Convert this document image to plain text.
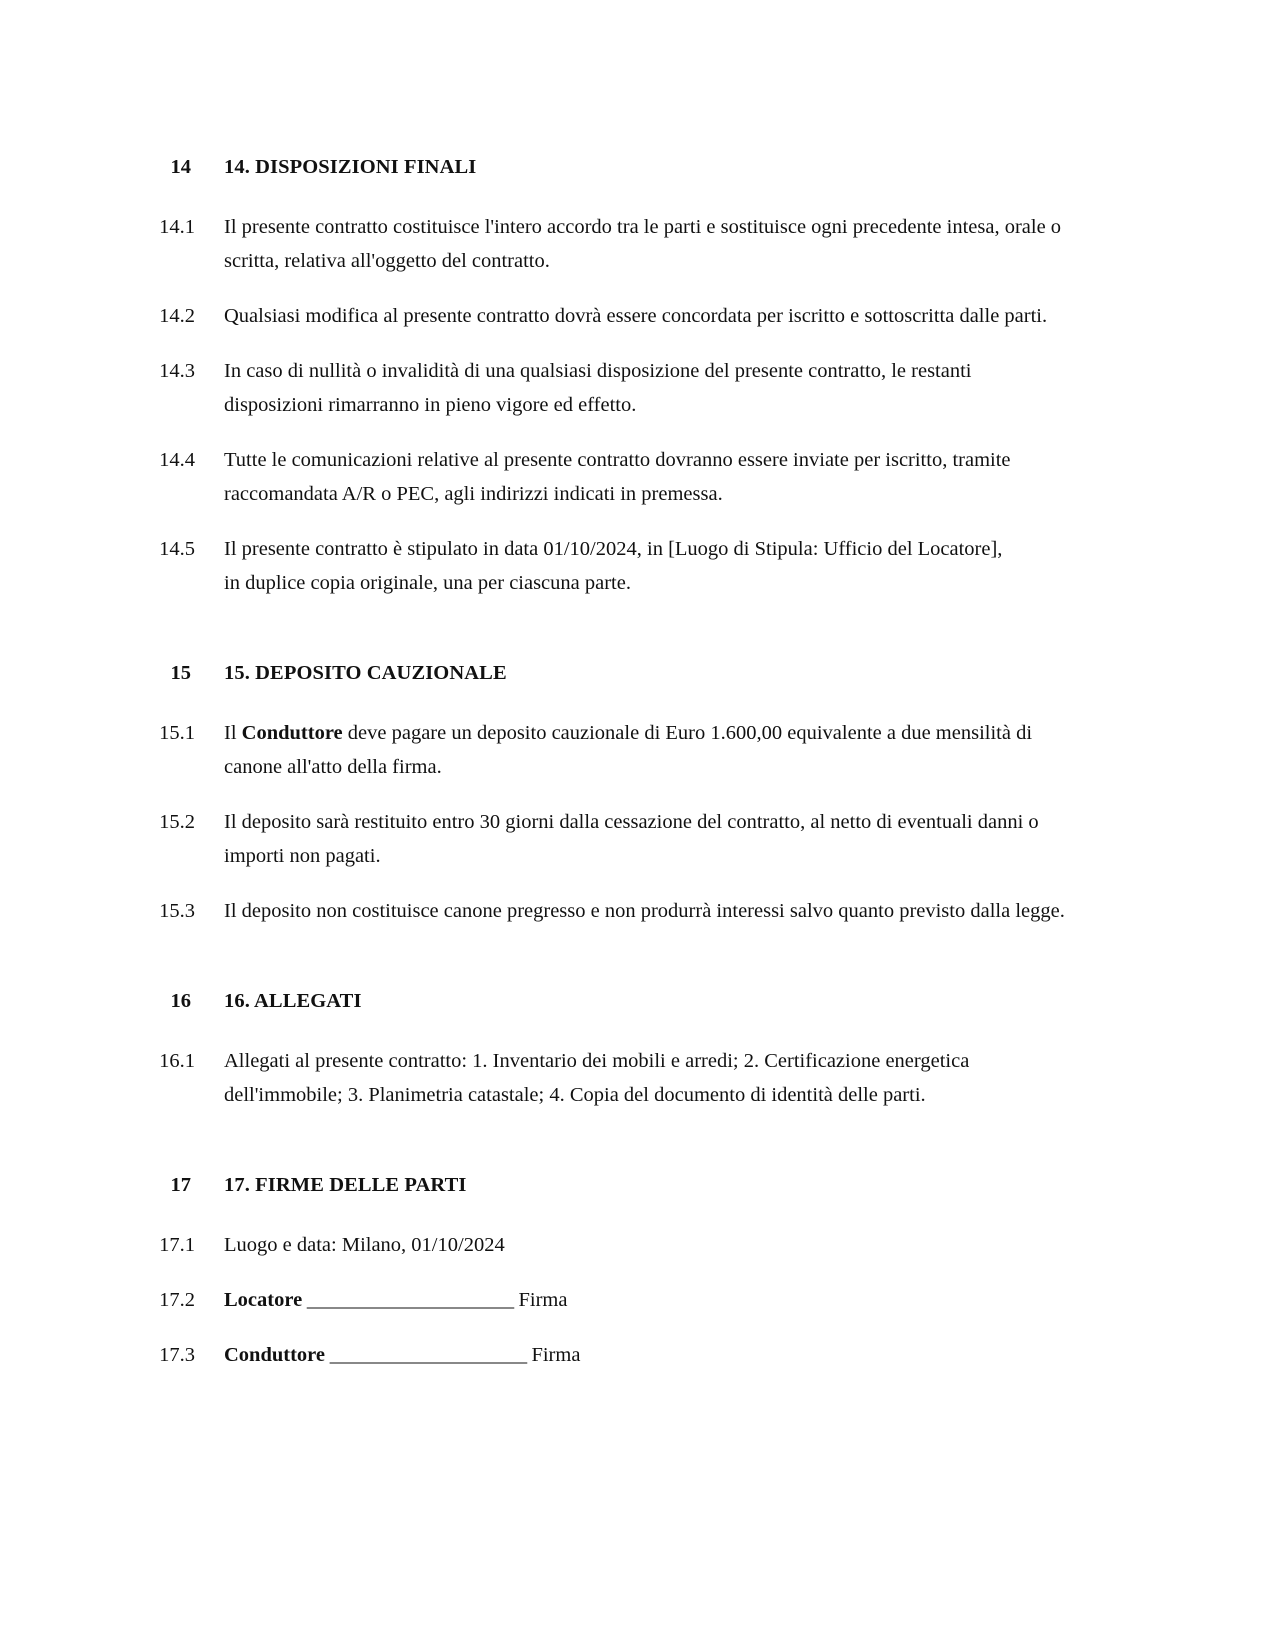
14	14. DISPOSIZIONI FINALI
14.1	Il presente contratto costituisce l'intero accordo tra le parti e sostituisce ogni precedente intesa, orale o scritta, relativa all'oggetto del contratto.
14.2	Qualsiasi modifica al presente contratto dovrà essere concordata per iscritto e sottoscritta dalle parti.
14.3	In caso di nullità o invalidità di una qualsiasi disposizione del presente contratto, le restanti disposizioni rimarranno in pieno vigore ed effetto.
14.4	Tutte le comunicazioni relative al presente contratto dovranno essere inviate per iscritto, tramite raccomandata A/R o PEC, agli indirizzi indicati in premessa.
14.5	Il presente contratto è stipulato in data 01/10/2024, in [Luogo di Stipula: Ufficio del Locatore], in duplice copia originale, una per ciascuna parte.
15	15. DEPOSITO CAUZIONALE
15.1	Il Conduttore deve pagare un deposito cauzionale di Euro 1.600,00 equivalente a due mensilità di canone all'atto della firma.
15.2	Il deposito sarà restituito entro 30 giorni dalla cessazione del contratto, al netto di eventuali danni o importi non pagati.
15.3	Il deposito non costituisce canone pregresso e non produrrà interessi salvo quanto previsto dalla legge.
16	16. ALLEGATI
16.1	Allegati al presente contratto: 1. Inventario dei mobili e arredi; 2. Certificazione energetica dell'immobile; 3. Planimetria catastale; 4. Copia del documento di identità delle parti.
17	17. FIRME DELLE PARTI
17.1	Luogo e data: Milano, 01/10/2024
17.2	Locatore _____________________ Firma
17.3	Conduttore ____________________ Firma
